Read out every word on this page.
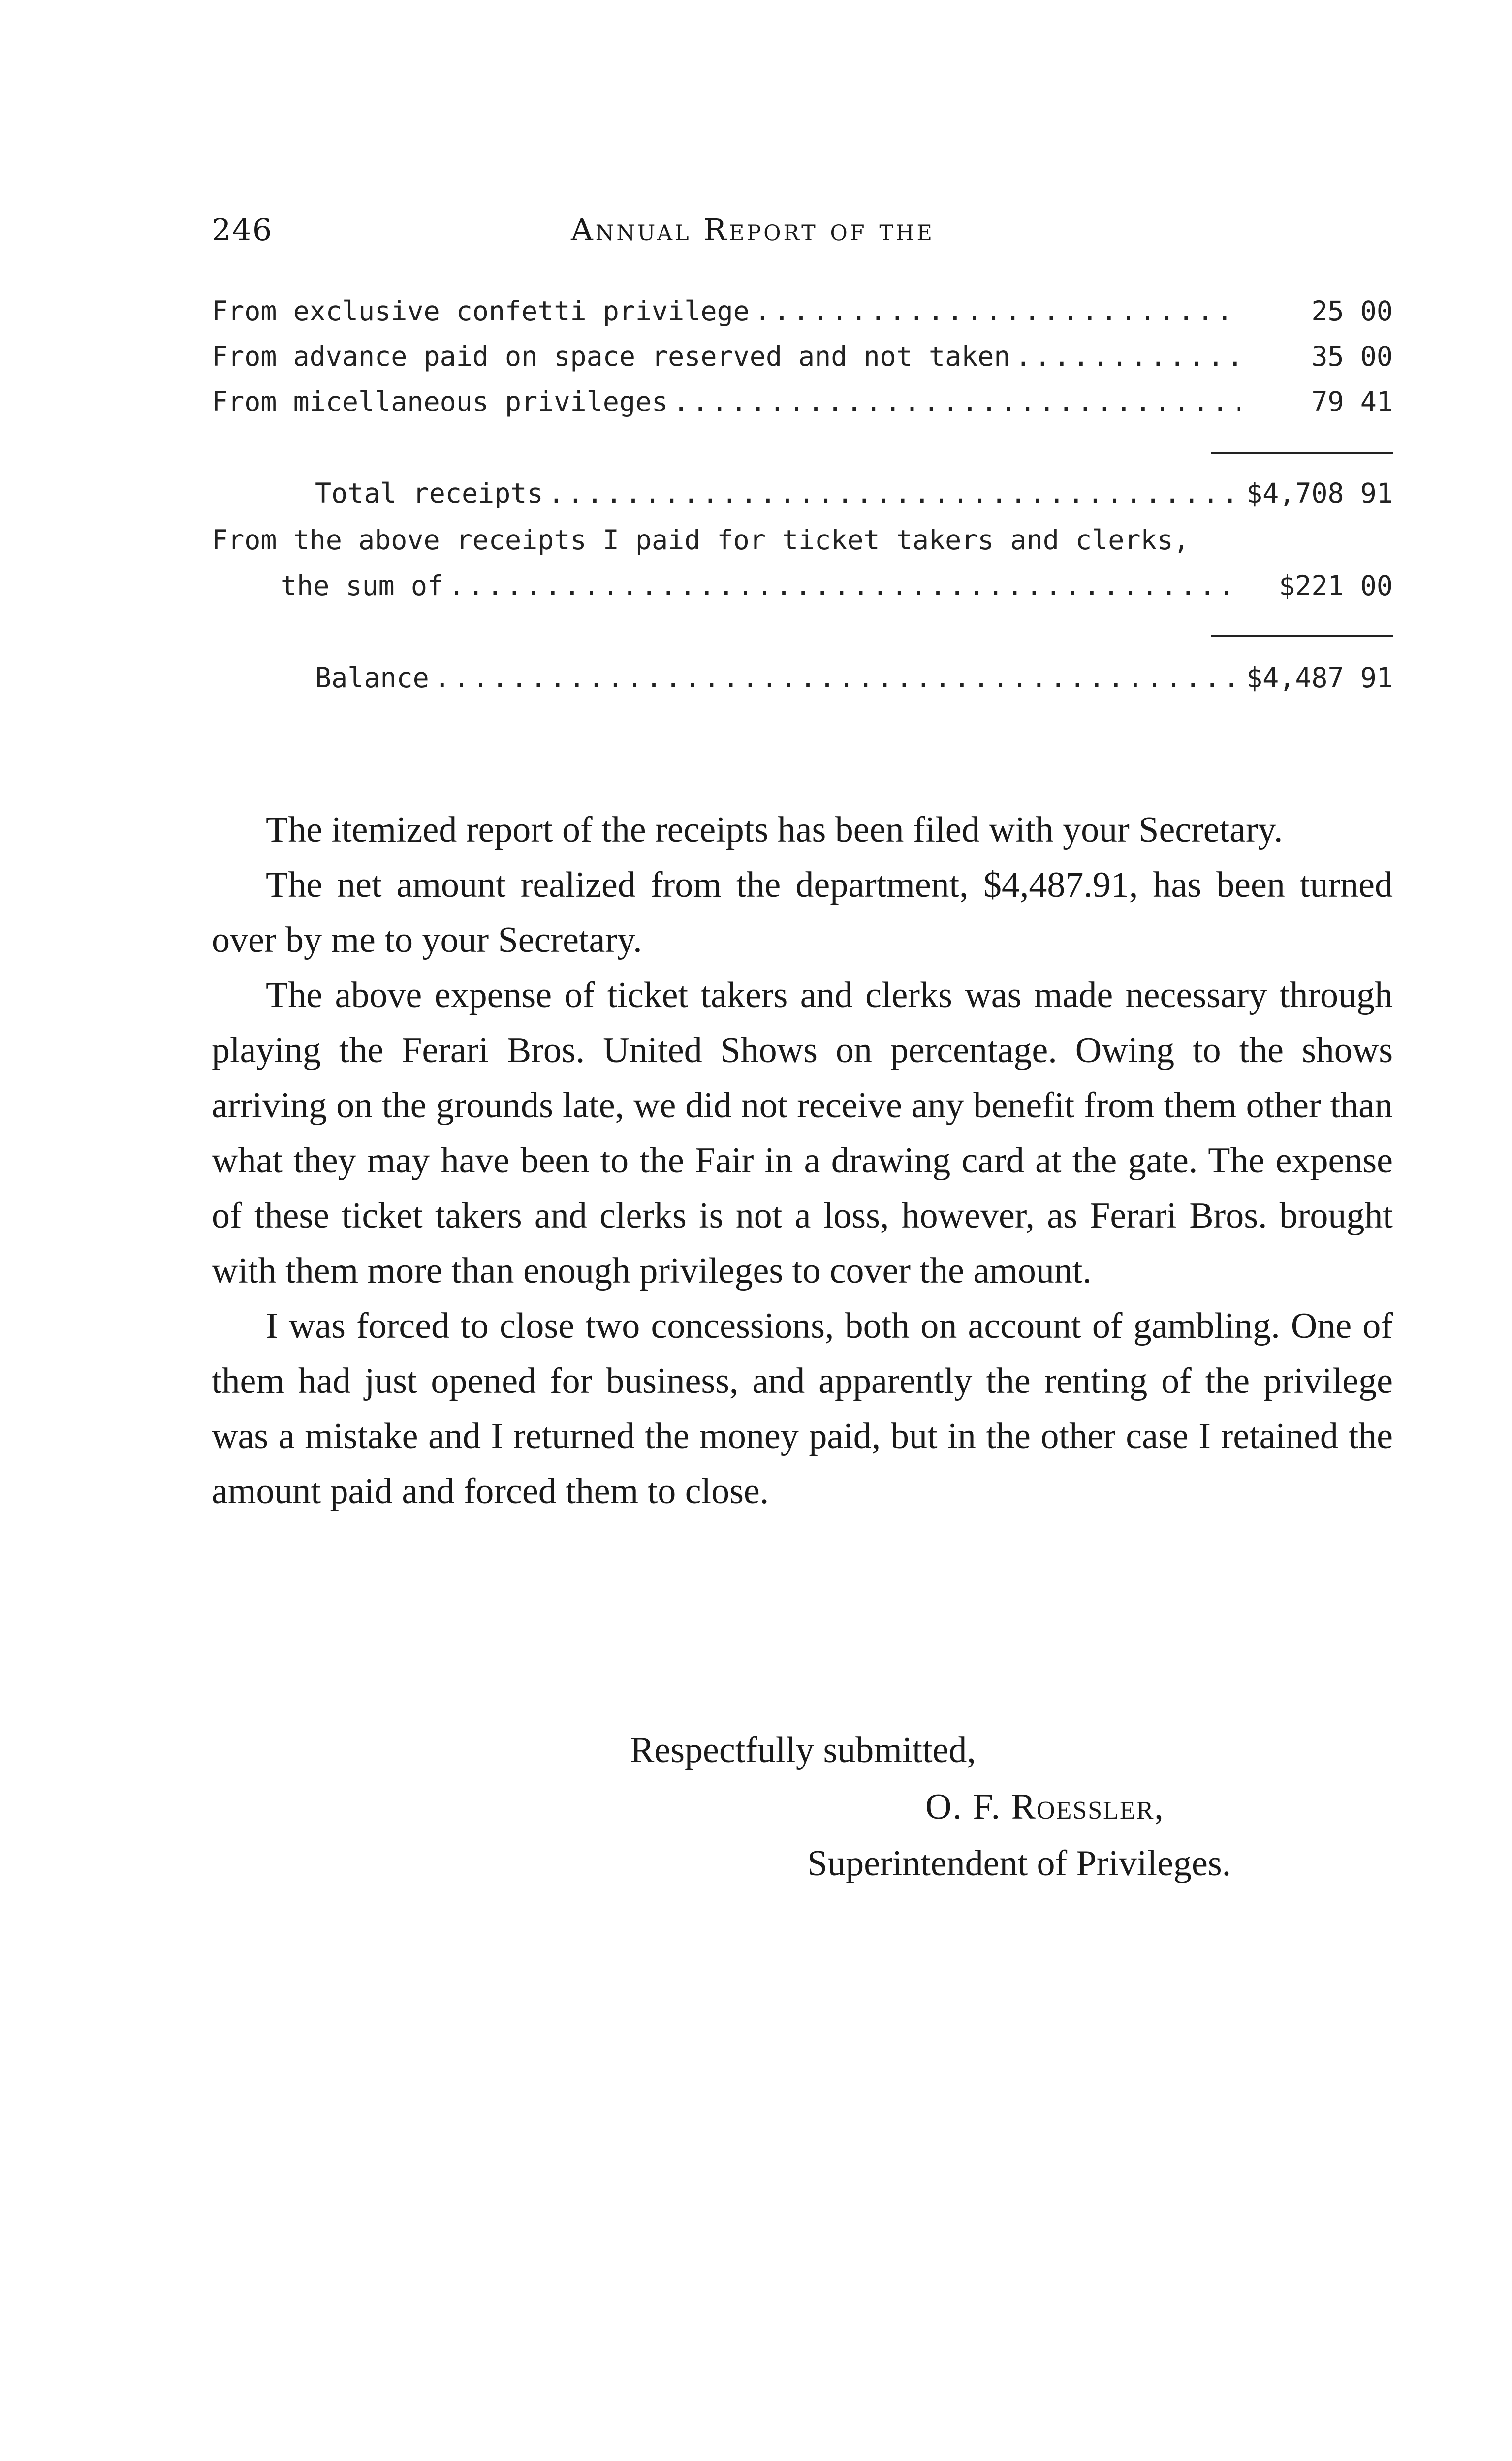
246	Annual Report of the
From exclusive confetti privilege .....	25 00
From advance paid on space reserved and not taken .....	35 00
From micellaneous privileges .....	79 41
Total receipts .....	$4,708 91
From the above receipts I paid for ticket takers and clerks,
the sum of .....	$221 00
Balance .....	$4,487 91

The itemized report of the receipts has been filed with your Secretary.

The net amount realized from the department, $4,487.91, has been turned over by me to your Secretary.

The above expense of ticket takers and clerks was made necessary through playing the Ferari Bros. United Shows on percentage. Owing to the shows arriving on the grounds late, we did not receive any benefit from them other than what they may have been to the Fair in a drawing card at the gate. The expense of these ticket takers and clerks is not a loss, however, as Ferari Bros. brought with them more than enough privileges to cover the amount.

I was forced to close two concessions, both on account of gambling. One of them had just opened for business, and apparently the renting of the privilege was a mistake and I returned the money paid, but in the other case I retained the amount paid and forced them to close.

Respectfully submitted,
O. F. Roessler,
Superintendent of Privileges.
